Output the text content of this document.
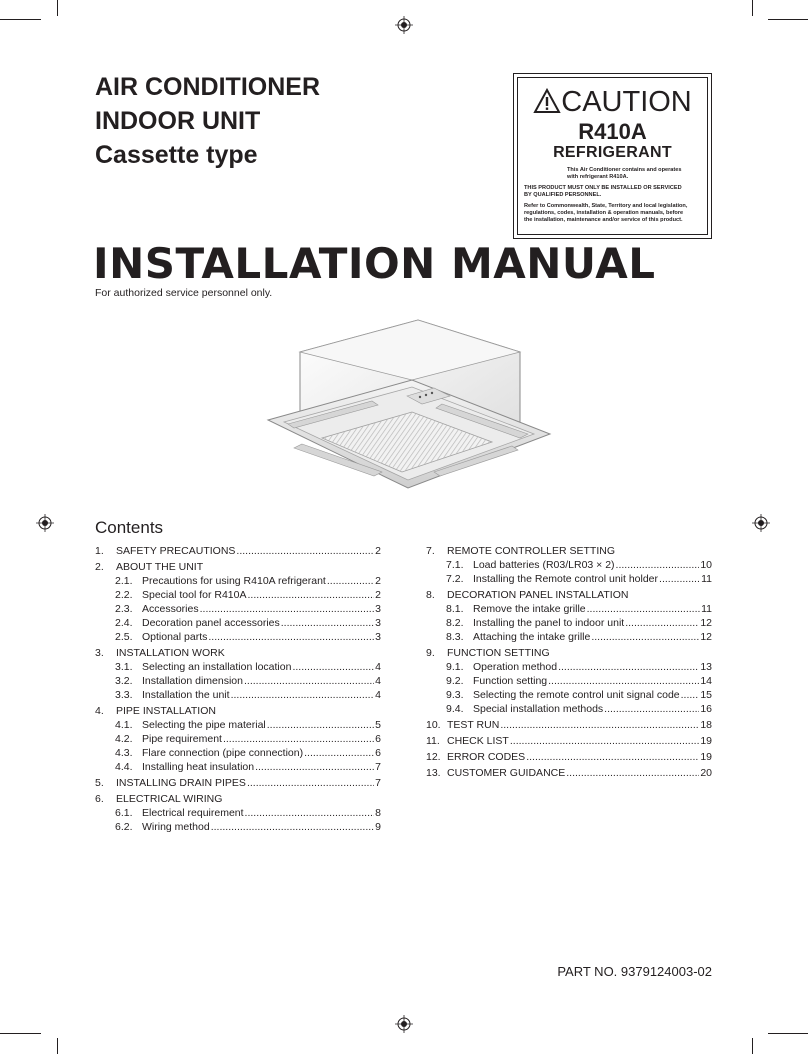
AIR CONDITIONER
INDOOR UNIT
Cassette type
CAUTION
R410A
REFRIGERANT
This Air Conditioner contains and operates
with refrigerant R410A.
THIS PRODUCT MUST ONLY BE INSTALLED OR SERVICED
BY QUALIFIED PERSONNEL.
Refer to Commonwealth, State, Territory and local legislation,
regulations, codes, installation & operation manuals, before
the installation, maintenance and/or service of this product.
INSTALLATION MANUAL
For authorized service personnel only.
Contents
1.	SAFETY PRECAUTIONS .....	2
2.	ABOUT THE UNIT
2.1. Precautions for using R410A refrigerant .....	2
2.2. Special tool for R410A .....	2
2.3. Accessories .....	3
2.4. Decoration panel accessories .....	3
2.5. Optional parts .....	3
3.	INSTALLATION WORK
3.1. Selecting an installation location .....	4
3.2. Installation dimension .....	4
3.3. Installation the unit .....	4
4.	PIPE INSTALLATION
4.1. Selecting the pipe material .....	5
4.2. Pipe requirement .....	6
4.3. Flare connection (pipe connection) .....	6
4.4. Installing heat insulation .....	7
5.	INSTALLING DRAIN PIPES .....	7
6.	ELECTRICAL WIRING
6.1. Electrical requirement .....	8
6.2. Wiring method .....	9
7.	REMOTE CONTROLLER SETTING
7.1. Load batteries (R03/LR03 × 2) .....	10
7.2. Installing the Remote control unit holder .....	11
8.	DECORATION PANEL INSTALLATION
8.1. Remove the intake grille .....	11
8.2. Installing the panel to indoor unit .....	12
8.3. Attaching the intake grille .....	12
9.	FUNCTION SETTING
9.1. Operation method .....	13
9.2. Function setting .....	14
9.3. Selecting the remote control unit signal code ..... 15
9.4. Special installation methods .....	16
10. TEST RUN .....	18
11. CHECK LIST .....	19
12. ERROR CODES .....	19
13. CUSTOMER GUIDANCE .....	20
PART NO. 9379124003-02
